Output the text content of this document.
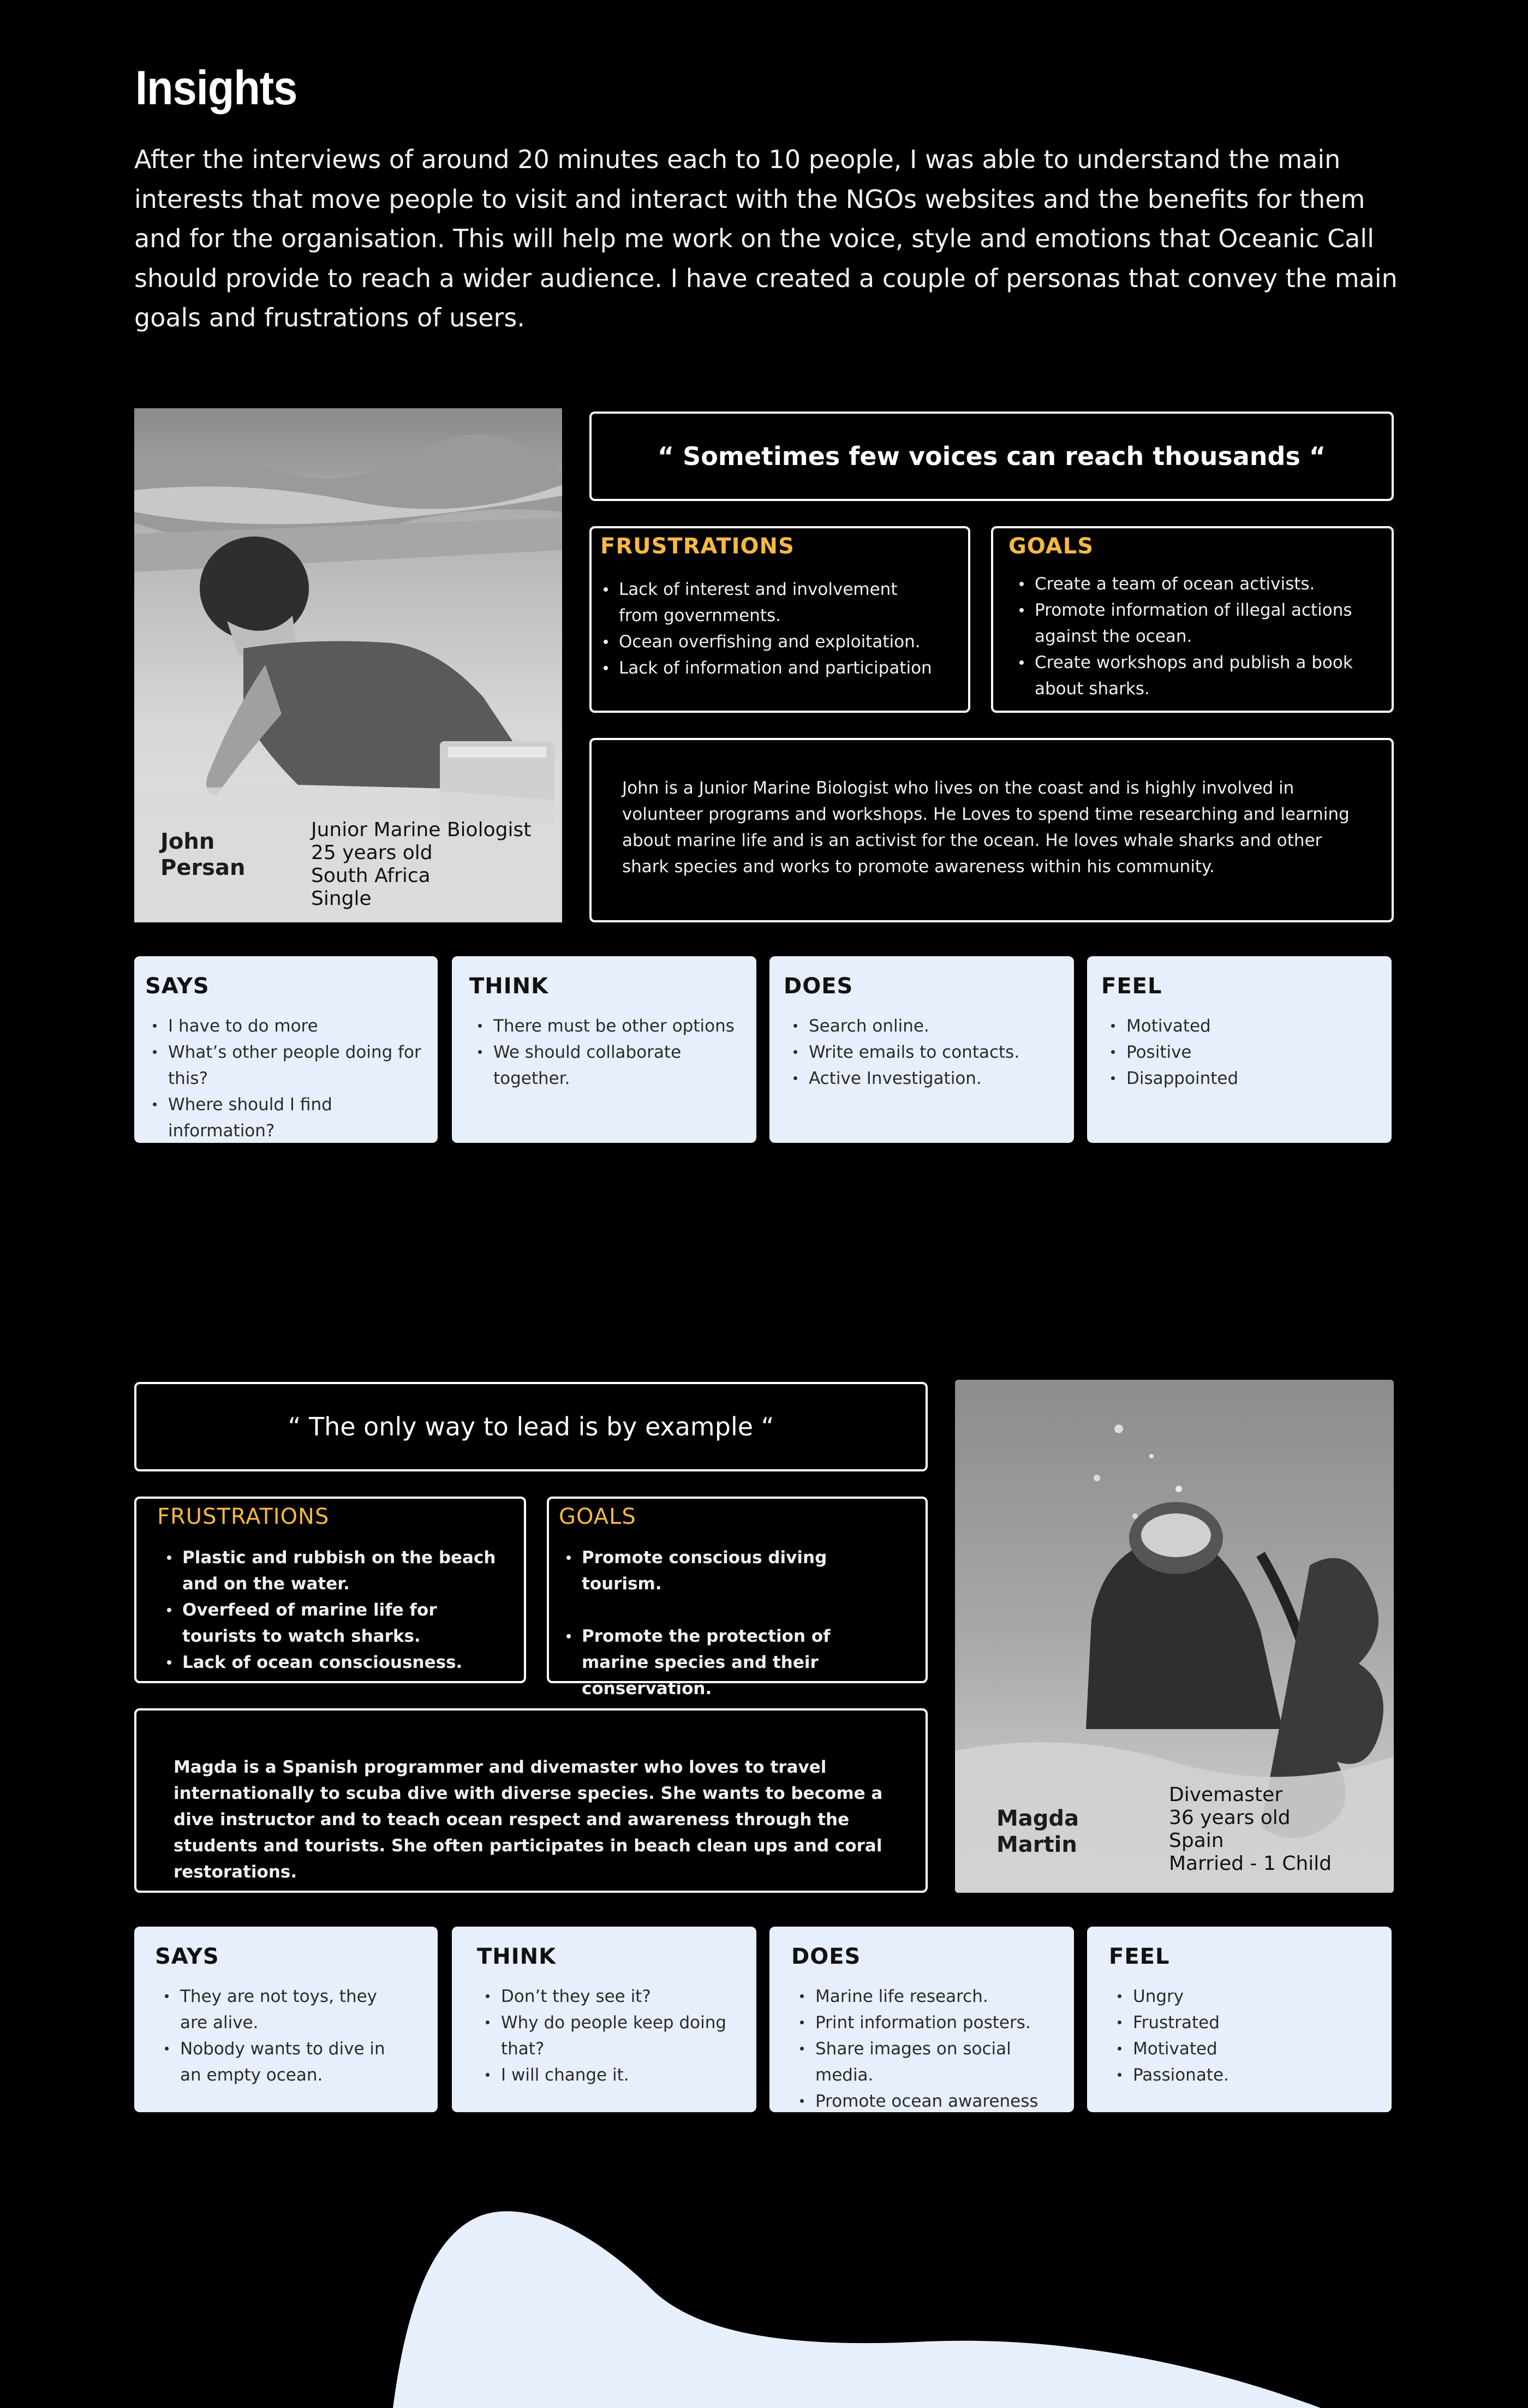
Insights

After the interviews of around 20 minutes each to 10 people, I was able to understand the main interests that move people to visit and interact with the NGOs websites and the benefits for them and for the organisation. This will help me work on the voice, style and emotions that Oceanic Call should provide to reach a wider audience. I have created a couple of personas that convey the main goals and frustrations of users.

John
Persan
Junior Marine Biologist
25 years old
South Africa
Single
“ Sometimes few voices can reach thousands “
FRUSTRATIONS
Lack of interest and involvement from governments.
Ocean overfishing and exploitation.
Lack of information and participation
GOALS
Create a team of ocean activists.
Promote information of illegal actions against the ocean.
Create workshops and publish a book about sharks.
John is a Junior Marine Biologist who lives on the coast and is highly involved in volunteer programs and workshops. He Loves to spend time researching and learning about marine life and is an activist for the ocean. He loves whale sharks and other shark species and works to promote awareness within his community.
SAYS
I have to do more
What’s other people doing for this?
Where should I find information?
THINK
There must be other options
We should collaborate together.
DOES
Search online.
Write emails to contacts.
Active Investigation.
FEEL
Motivated
Positive
Disappointed
“ The only way to lead is by example “
FRUSTRATIONS
Plastic and rubbish on the beach and on the water.
Overfeed of marine life for tourists to watch sharks.
Lack of ocean consciousness.
GOALS
Promote conscious diving tourism.
Promote the protection of marine species and their conservation.
Magda is a Spanish programmer and divemaster who loves to travel internationally to scuba dive with diverse species. She wants to become a dive instructor and to teach ocean respect and awareness through the students and tourists. She often participates in beach clean ups and coral restorations.
Magda
Martin
Divemaster
36 years old
Spain
Married - 1 Child
SAYS
They are not toys, they are alive.
Nobody wants to dive in an empty ocean.
THINK
Don’t they see it?
Why do people keep doing that?
I will change it.
DOES
Marine life research.
Print information posters.
Share images on social media.
Promote ocean awareness
FEEL
Ungry
Frustrated
Motivated
Passionate.
